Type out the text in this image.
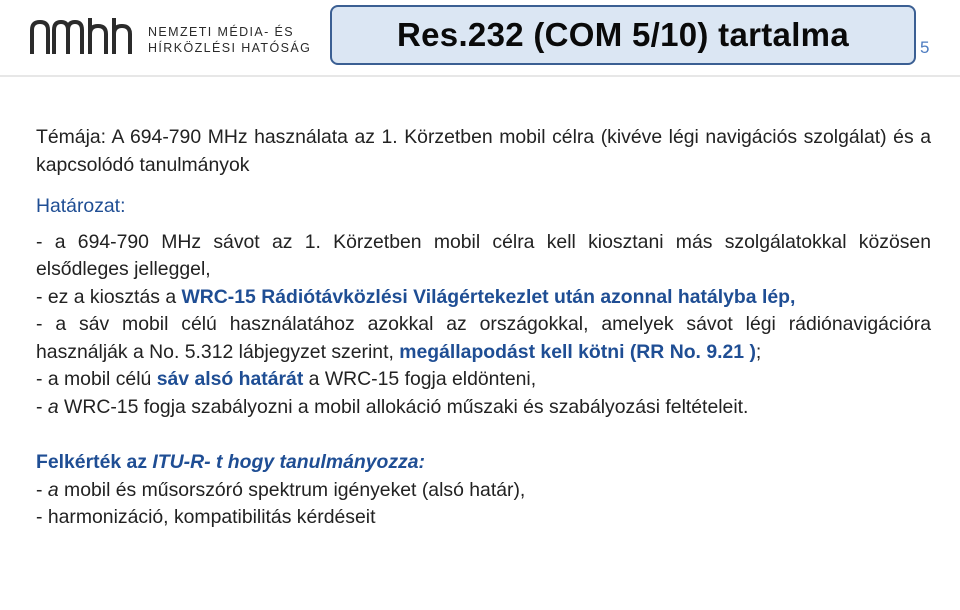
NEMZETI MÉDIA- ÉS
HÍRKÖZLÉSI HATÓSÁG	Res.232 (COM 5/10) tartalma	5

Témája: A 694-790 MHz használata az 1. Körzetben mobil célra (kivéve légi navigációs szolgálat) és a kapcsolódó tanulmányok

Határozat:

- a 694-790 MHz sávot az 1. Körzetben mobil célra kell kiosztani más szolgálatokkal közösen elsődleges jelleggel,

- ez a kiosztás a WRC-15 Rádiótávközlési Világértekezlet után azonnal hatályba lép,

- a sáv mobil célú használatához azokkal az országokkal, amelyek sávot légi rádiónavigációra használják a No. 5.312 lábjegyzet szerint, megállapodást kell kötni (RR No. 9.21 );

- a mobil célú sáv alsó határát a WRC-15 fogja eldönteni,

- a WRC-15 fogja szabályozni a mobil allokáció műszaki és szabályozási feltételeit.

Felkérték az ITU-R- t hogy tanulmányozza:

- a mobil és műsorszóró spektrum igényeket (alsó határ),

- harmonizáció, kompatibilitás kérdéseit
